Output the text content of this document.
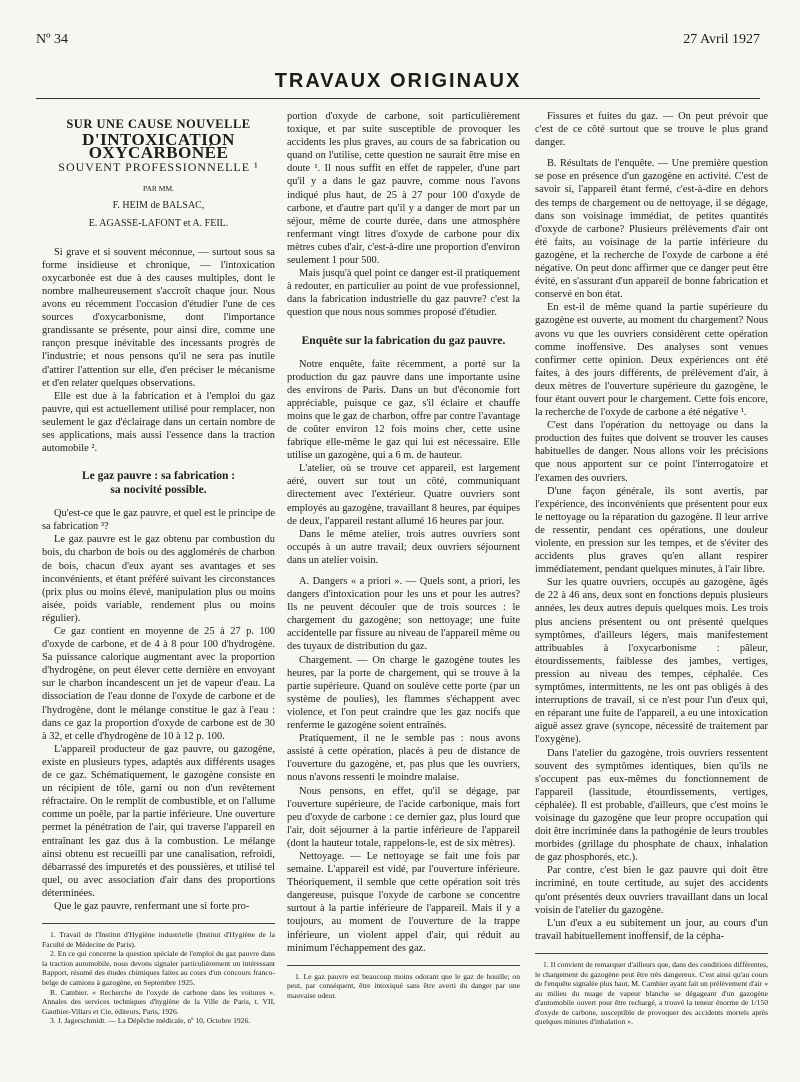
Nº 34	27 Avril 1927
TRAVAUX ORIGINAUX

SUR UNE CAUSE NOUVELLE

D'INTOXICATION OXYCARBONÉE

SOUVENT PROFESSIONNELLE ¹

PAR MM.

F. HEIM de BALSAC,

E. AGASSE-LAFONT et A. FEIL.

Si grave et si souvent méconnue, — surtout sous sa forme insidieuse et chronique, — l'intoxication oxycarbonée est due à des causes multiples, dont le nombre malheureusement s'accroît chaque jour. Nous avons eu récemment l'occasion d'étudier l'une de ces sources d'oxycarbonisme, dont l'importance grandissante se présente, pour ainsi dire, comme une rançon presque inévitable des incessants progrès de l'industrie; et nous pensons qu'il ne sera pas inutile d'attirer l'attention sur elle, d'en préciser le mécanisme et d'en relater quelques observations.

Elle est due à la fabrication et à l'emploi du gaz pauvre, qui est actuellement utilisé pour remplacer, non seulement le gaz d'éclairage dans un certain nombre de ses applications, mais aussi l'essence dans la traction automobile ².

Le gaz pauvre : sa fabrication :
sa nocivité possible.

Qu'est-ce que le gaz pauvre, et quel est le principe de sa fabrication ³?

Le gaz pauvre est le gaz obtenu par combustion du bois, du charbon de bois ou des agglomérés de charbon de bois, chacun d'eux ayant ses avantages et ses inconvénients, et étant préféré suivant les circonstances (prix plus ou moins élevé, manipulation plus ou moins aisée, poids variable, rendement plus ou moins régulier).

Ce gaz contient en moyenne de 25 à 27 p. 100 d'oxyde de carbone, et de 4 à 8 pour 100 d'hydrogène. Sa puissance calorique augmentant avec la proportion d'hydrogène, on peut élever cette dernière en envoyant sur le charbon incandescent un jet de vapeur d'eau. La dissociation de l'eau donne de l'oxyde de carbone et de l'hydrogène, dont le mélange constitue le gaz à l'eau : dans ce gaz la proportion d'oxyde de carbone est de 30 à 32, et celle d'hydrogène de 10 à 12 p. 100.

L'appareil producteur de gaz pauvre, ou gazogène, existe en plusieurs types, adaptés aux différents usages de ce gaz. Schématiquement, le gazogène consiste en un récipient de tôle, garni ou non d'un revêtement réfractaire. On le remplit de combustible, et on l'allume comme un poêle, par la partie inférieure. Une ouverture permet la pénétration de l'air, qui traverse l'appareil en entraînant les gaz dus à la combustion. Le mélange ainsi obtenu est recueilli par une canalisation, refroidi, débarrassé des impuretés et des poussières, et utilisé tel quel, ou avec association d'air dans des proportions déterminées.

Que le gaz pauvre, renfermant une si forte pro-

1. Travail de l'Institut d'Hygiène industrielle (Institut d'Hygiène de la Faculté de Médecine de Paris).

2. En ce qui concerne la question spéciale de l'emploi du gaz pauvre dans la traction automobile, nous devons signaler particulièrement un intéressant Rapport, résumé des études chimiques faites au cours d'un concours franco-belge de camions à gazogène, en Septembre 1925.

R. Cambier. « Recherche de l'oxyde de carbone dans les voitures ». Annales des services techniques d'hygiène de la Ville de Paris, t. VII, Gauthier-Villars et Cie, éditeurs, Paris, 1926.

3. J. Jagerschmidt. — La Dépêche médicale, nº 10, Octobre 1926.

portion d'oxyde de carbone, soit particulièrement toxique, et par suite susceptible de provoquer les accidents les plus graves, au cours de sa fabrication ou quand on l'utilise, cette question ne saurait être mise en doute ¹. Il nous suffit en effet de rappeler, d'une part qu'il y a dans le gaz pauvre, comme nous l'avons indiqué plus haut, de 25 à 27 pour 100 d'oxyde de carbone, et d'autre part qu'il y a danger de mort par un séjour, même de courte durée, dans une atmosphère renfermant vingt litres d'oxyde de carbone pour dix mètres cubes d'air, c'est-à-dire une proportion d'environ seulement 1 pour 500.

Mais jusqu'à quel point ce danger est-il pratiquement à redouter, en particulier au point de vue professionnel, dans la fabrication industrielle du gaz pauvre? c'est la question que nous nous sommes proposé d'étudier.

Enquête sur la fabrication du gaz pauvre.

Notre enquête, faite récemment, a porté sur la production du gaz pauvre dans une importante usine des environs de Paris. Dans un but d'économie fort appréciable, puisque ce gaz, s'il éclaire et chauffe moins que le gaz de charbon, offre par contre l'avantage de coûter environ 12 fois moins cher, cette usine fabrique elle-même le gaz qui lui est nécessaire. Elle utilise un gazogène, qui a 6 m. de hauteur.

L'atelier, où se trouve cet appareil, est largement aéré, ouvert sur tout un côté, communiquant directement avec l'extérieur. Quatre ouvriers sont employés au gazogène, travaillant 8 heures, par équipes de deux, l'appareil restant allumé 16 heures par jour.

Dans le même atelier, trois autres ouvriers sont occupés à un autre travail; deux ouvriers séjournent dans un atelier voisin.

A. Dangers « a priori ». — Quels sont, a priori, les dangers d'intoxication pour les uns et pour les autres? Ils ne peuvent découler que de trois sources : le chargement du gazogène; son nettoyage; une fuite accidentelle par fissure au niveau de l'appareil même ou des tuyaux de distribution du gaz.

Chargement. — On charge le gazogène toutes les heures, par la porte de chargement, qui se trouve à la partie supérieure. Quand on soulève cette porte (par un système de poulies), les flammes s'échappent avec violence, et l'on peut craindre que les gaz nocifs que renferme le gazogène soient entraînés.

Pratiquement, il ne le semble pas : nous avons assisté à cette opération, placés à peu de distance de l'ouverture du gazogène, et, pas plus que les ouvriers, nous n'avons ressenti le moindre malaise.

Nous pensons, en effet, qu'il se dégage, par l'ouverture supérieure, de l'acide carbonique, mais fort peu d'oxyde de carbone : ce dernier gaz, plus lourd que l'air, doit séjourner à la partie inférieure de l'appareil (dont la hauteur totale, rappelons-le, est de six mètres).

Nettoyage. — Le nettoyage se fait une fois par semaine. L'appareil est vidé, par l'ouverture inférieure. Théoriquement, il semble que cette opération soit très dangereuse, puisque l'oxyde de carbone se concentre surtout à la partie inférieure de l'appareil. Mais il y a toujours, au moment de l'ouverture de la trappe inférieure, un violent appel d'air, qui réduit au minimum l'échappement des gaz.

1. Le gaz pauvre est beaucoup moins odorant que le gaz de houille; on peut, par conséquent, être intoxiqué sans être averti du danger par une mauvaise odeur.

Fissures et fuites du gaz. — On peut prévoir que c'est de ce côté surtout que se trouve le plus grand danger.

B. Résultats de l'enquête. — Une première question se pose en présence d'un gazogène en activité. C'est de savoir si, l'appareil étant fermé, c'est-à-dire en dehors des temps de chargement ou de nettoyage, il se dégage, dans son voisinage immédiat, de petites quantités d'oxyde de carbone? Plusieurs prélèvements d'air ont été faits, au voisinage de la partie inférieure du gazogène, et la recherche de l'oxyde de carbone a été négative. On peut donc affirmer que ce danger peut être évité, en s'assurant d'un appareil de bonne fabrication et conservé en bon état.

En est-il de même quand la partie supérieure du gazogène est ouverte, au moment du chargement? Nous avons vu que les ouvriers considèrent cette opération comme inoffensive. Des analyses sont venues confirmer cette opinion. Deux expériences ont été faites, à des jours différents, de prélèvement d'air, à deux mètres de l'ouverture supérieure du gazogène, le four étant ouvert pour le chargement. Cette fois encore, la recherche de l'oxyde de carbone a été négative ¹.

C'est dans l'opération du nettoyage ou dans la production des fuites que doivent se trouver les causes habituelles de danger. Nous allons voir les précisions que nous apportent sur ce point l'interrogatoire et l'examen des ouvriers.

D'une façon générale, ils sont avertis, par l'expérience, des inconvénients que présentent pour eux le nettoyage ou la réparation du gazogène. Il leur arrive de ressentir, pendant ces opérations, une douleur violente, en pression sur les tempes, et de s'éviter des accidents plus graves qu'en allant respirer immédiatement, pendant quelques minutes, à l'air libre.

Sur les quatre ouvriers, occupés au gazogène, âgés de 22 à 46 ans, deux sont en fonctions depuis plusieurs années, les deux autres depuis quelques mois. Les trois plus anciens présentent ou ont présenté quelques symptômes, d'ailleurs légers, mais manifestement attribuables à l'oxycarbonisme : pâleur, étourdissements, faiblesse des jambes, vertiges, pression au niveau des tempes, céphalée. Ces symptômes, intermittents, ne les ont pas obligés à des interruptions de travail, si ce n'est pour l'un d'eux qui, en réparant une fuite de l'appareil, a eu une intoxication aiguë assez grave (syncope, nécessité de traitement par l'oxygène).

Dans l'atelier du gazogène, trois ouvriers ressentent souvent des symptômes identiques, bien qu'ils ne s'occupent pas eux-mêmes du fonctionnement de l'appareil (lassitude, étourdissements, vertiges, céphalée). Il est probable, d'ailleurs, que c'est moins le voisinage du gazogène que leur propre occupation qui doit être incriminée dans la pathogénie de leurs troubles morbides (grillage du phosphate de chaux, inhalation de gaz phosphorés, etc.).

Par contre, c'est bien le gaz pauvre qui doit être incriminé, en toute certitude, au sujet des accidents qu'ont présentés deux ouvriers travaillant dans un local voisin de l'atelier du gazogène.

L'un d'eux a eu subitement un jour, au cours d'un travail habituellement inoffensif, de la cépha-

1. Il convient de remarquer d'ailleurs que, dans des conditions différentes, le chargement du gazogène peut être très dangereux. C'est ainsi qu'au cours de l'enquête signalée plus haut, M. Cambier ayant fait un prélèvement d'air « au milieu du nuage de vapeur blanche se dégageant d'un gazogène d'automobile ouvert pour être rechargé, a trouvé la teneur énorme de 1/150 d'oxyde de carbone, susceptible de provoquer des accidents mortels après quelques minutes d'inhalation ».
